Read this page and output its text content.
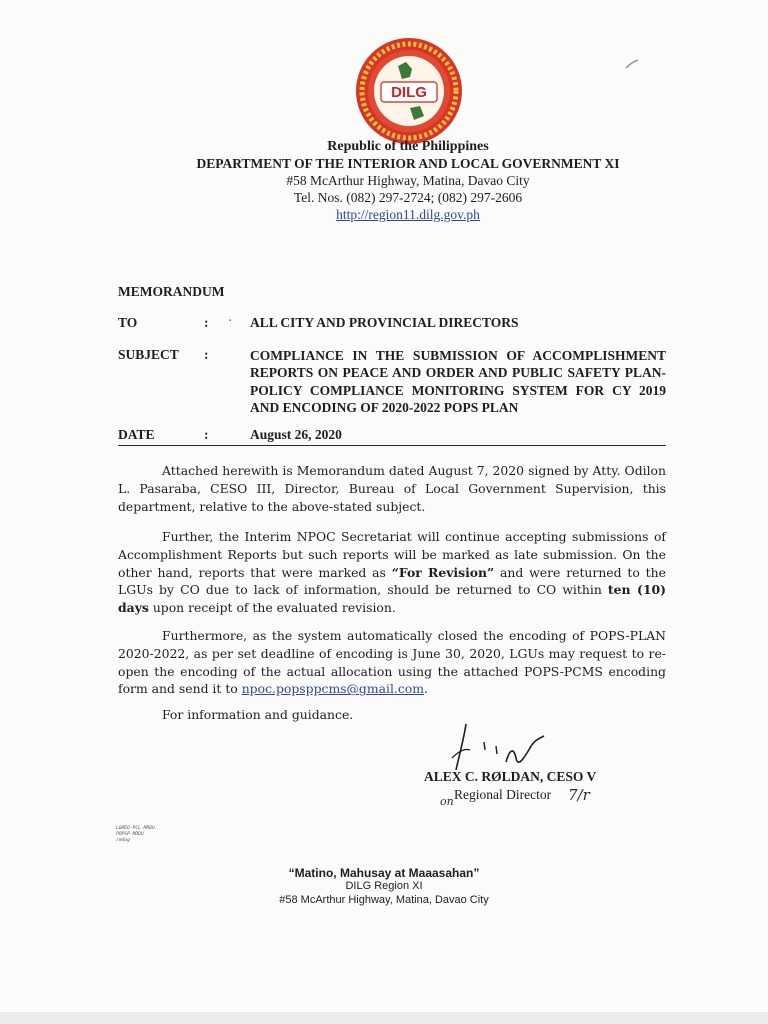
DILG
Republic of the Philippines
DEPARTMENT OF THE INTERIOR AND LOCAL GOVERNMENT XI
#58 McArthur Highway, Matina, Davao City
Tel. Nos. (082) 297-2724; (082) 297-2606
http://region11.dilg.gov.ph
MEMORANDUM
TO	: · ALL CITY AND PROVINCIAL DIRECTORS
SUBJECT :	COMPLIANCE IN THE SUBMISSION OF ACCOMPLISHMENT REPORTS ON PEACE AND ORDER AND PUBLIC SAFETY PLAN-POLICY COMPLIANCE MONITORING SYSTEM FOR CY 2019 AND ENCODING OF 2020-2022 POPS PLAN
DATE	:	August 26, 2020
Attached herewith is Memorandum dated August 7, 2020 signed by Atty. Odilon L. Pasaraba, CESO III, Director, Bureau of Local Government Supervision, this department, relative to the above-stated subject.
Further, the Interim NPOC Secretariat will continue accepting submissions of Accomplishment Reports but such reports will be marked as late submission. On the other hand, reports that were marked as “For Revision” and were returned to the LGUs by CO due to lack of information, should be returned to CO within ten (10) days upon receipt of the evaluated revision.
Furthermore, as the system automatically closed the encoding of POPS-PLAN 2020-2022, as per set deadline of encoding is June 30, 2020, LGUs may request to re-open the encoding of the actual allocation using the attached POPS-PCMS encoding form and send it to npoc.popsppcms@gmail.com.
For information and guidance.
ALEX C. RØLDAN, CESO V
on Regional Director 7/r
LGMED-PCL-MRDU
POPSP-MDDU
/mdog
“Matino, Mahusay at Maaasahan”
DILG Region XI
#58 McArthur Highway, Matina, Davao City
